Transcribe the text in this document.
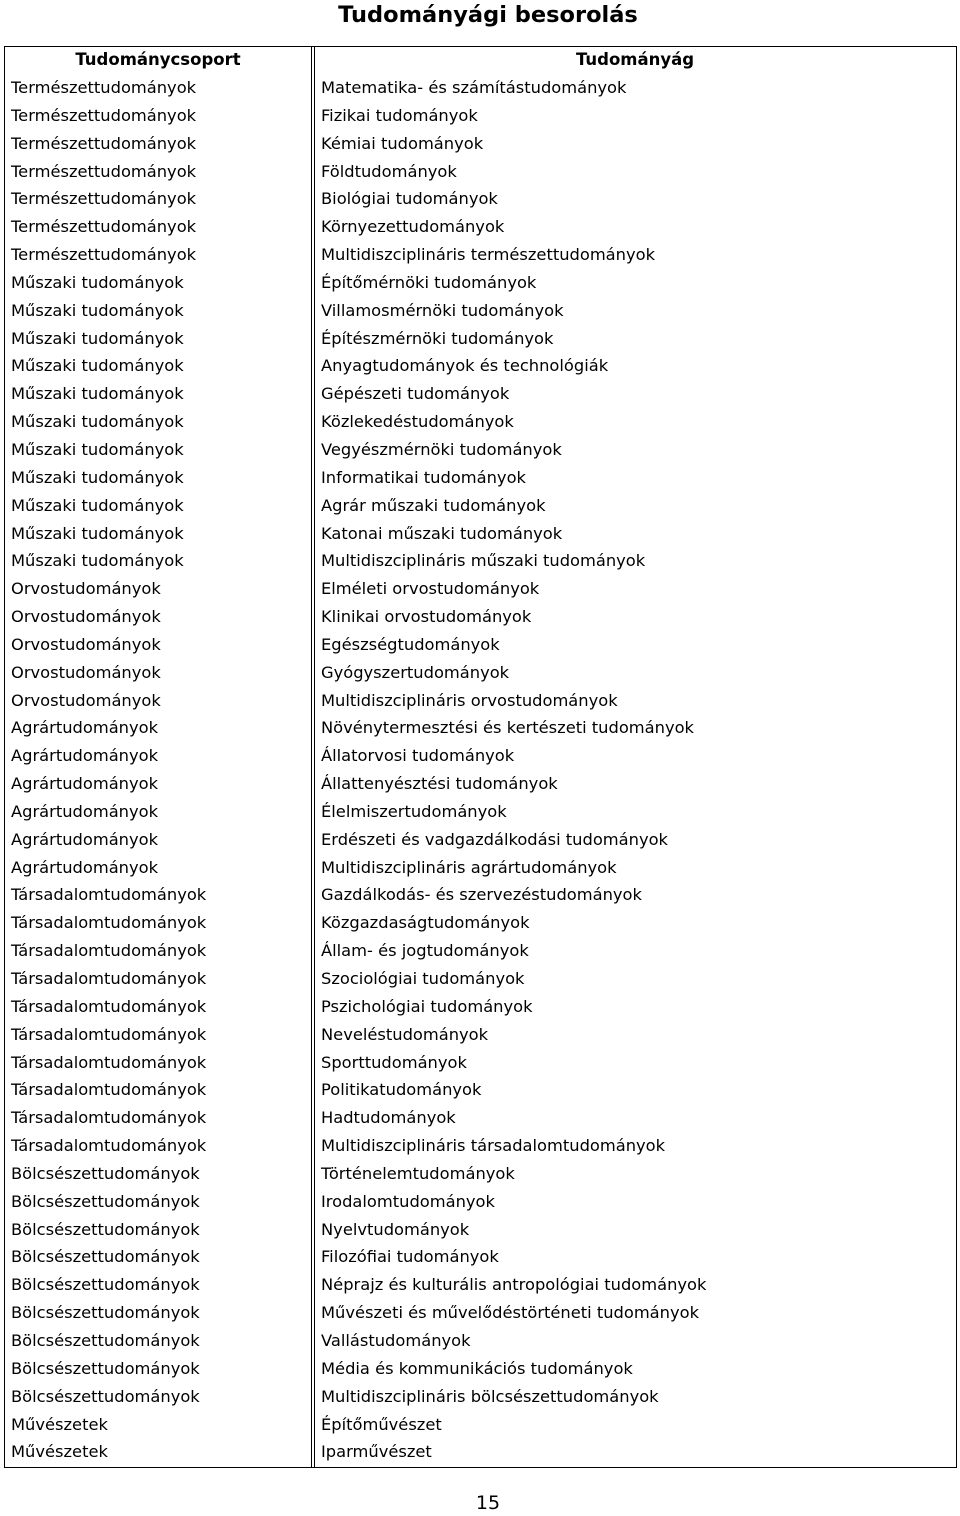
Tudományági besorolás
Tudománycsoport	Tudományág
Természettudományok	Matematika- és számítástudományok
Természettudományok	Fizikai tudományok
Természettudományok	Kémiai tudományok
Természettudományok	Földtudományok
Természettudományok	Biológiai tudományok
Természettudományok	Környezettudományok
Természettudományok	Multidiszciplináris természettudományok
Műszaki tudományok	Építőmérnöki tudományok
Műszaki tudományok	Villamosmérnöki tudományok
Műszaki tudományok	Építészmérnöki tudományok
Műszaki tudományok	Anyagtudományok és technológiák
Műszaki tudományok	Gépészeti tudományok
Műszaki tudományok	Közlekedéstudományok
Műszaki tudományok	Vegyészmérnöki tudományok
Műszaki tudományok	Informatikai tudományok
Műszaki tudományok	Agrár műszaki tudományok
Műszaki tudományok	Katonai műszaki tudományok
Műszaki tudományok	Multidiszciplináris műszaki tudományok
Orvostudományok	Elméleti orvostudományok
Orvostudományok	Klinikai orvostudományok
Orvostudományok	Egészségtudományok
Orvostudományok	Gyógyszertudományok
Orvostudományok	Multidiszciplináris orvostudományok
Agrártudományok	Növénytermesztési és kertészeti tudományok
Agrártudományok	Állatorvosi tudományok
Agrártudományok	Állattenyésztési tudományok
Agrártudományok	Élelmiszertudományok
Agrártudományok	Erdészeti és vadgazdálkodási tudományok
Agrártudományok	Multidiszciplináris agrártudományok
Társadalomtudományok	Gazdálkodás- és szervezéstudományok
Társadalomtudományok	Közgazdaságtudományok
Társadalomtudományok	Állam- és jogtudományok
Társadalomtudományok	Szociológiai tudományok
Társadalomtudományok	Pszichológiai tudományok
Társadalomtudományok	Neveléstudományok
Társadalomtudományok	Sporttudományok
Társadalomtudományok	Politikatudományok
Társadalomtudományok	Hadtudományok
Társadalomtudományok	Multidiszciplináris társadalomtudományok
Bölcsészettudományok	Történelemtudományok
Bölcsészettudományok	Irodalomtudományok
Bölcsészettudományok	Nyelvtudományok
Bölcsészettudományok	Filozófiai tudományok
Bölcsészettudományok	Néprajz és kulturális antropológiai tudományok
Bölcsészettudományok	Művészeti és művelődéstörténeti tudományok
Bölcsészettudományok	Vallástudományok
Bölcsészettudományok	Média és kommunikációs tudományok
Bölcsészettudományok	Multidiszciplináris bölcsészettudományok
Művészetek	Építőművészet
Művészetek	Iparművészet
15
